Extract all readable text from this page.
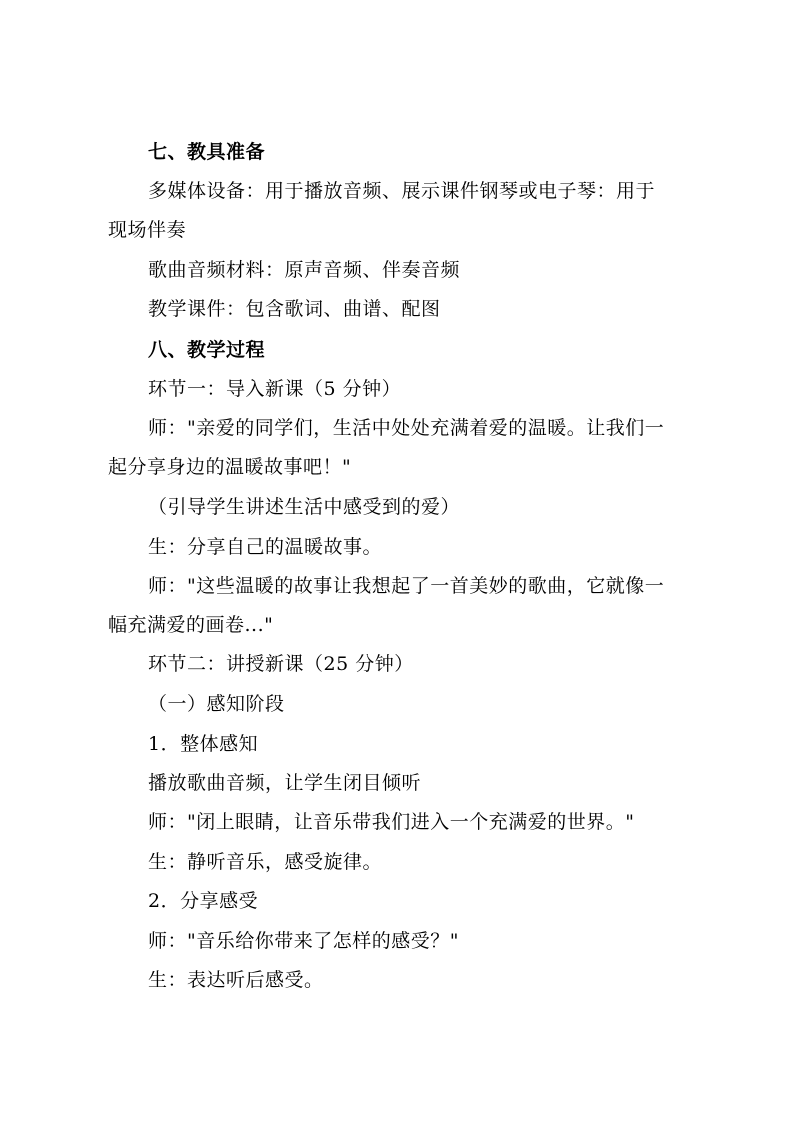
七、教具准备
多媒体设备：用于播放音频、展示课件钢琴或电子琴：用于
现场伴奏
歌曲音频材料：原声音频、伴奏音频
教学课件：包含歌词、曲谱、配图
八、教学过程
环节一：导入新课（5 分钟）
师："亲爱的同学们，生活中处处充满着爱的温暖。让我们一
起分享身边的温暖故事吧！"
（引导学生讲述生活中感受到的爱）
生：分享自己的温暖故事。
师："这些温暖的故事让我想起了一首美妙的歌曲，它就像一
幅充满爱的画卷..."
环节二：讲授新课（25 分钟）
（一）感知阶段
1．整体感知
播放歌曲音频，让学生闭目倾听
师："闭上眼睛，让音乐带我们进入一个充满爱的世界。"
生：静听音乐，感受旋律。
2．分享感受
师："音乐给你带来了怎样的感受？"
生：表达听后感受。
